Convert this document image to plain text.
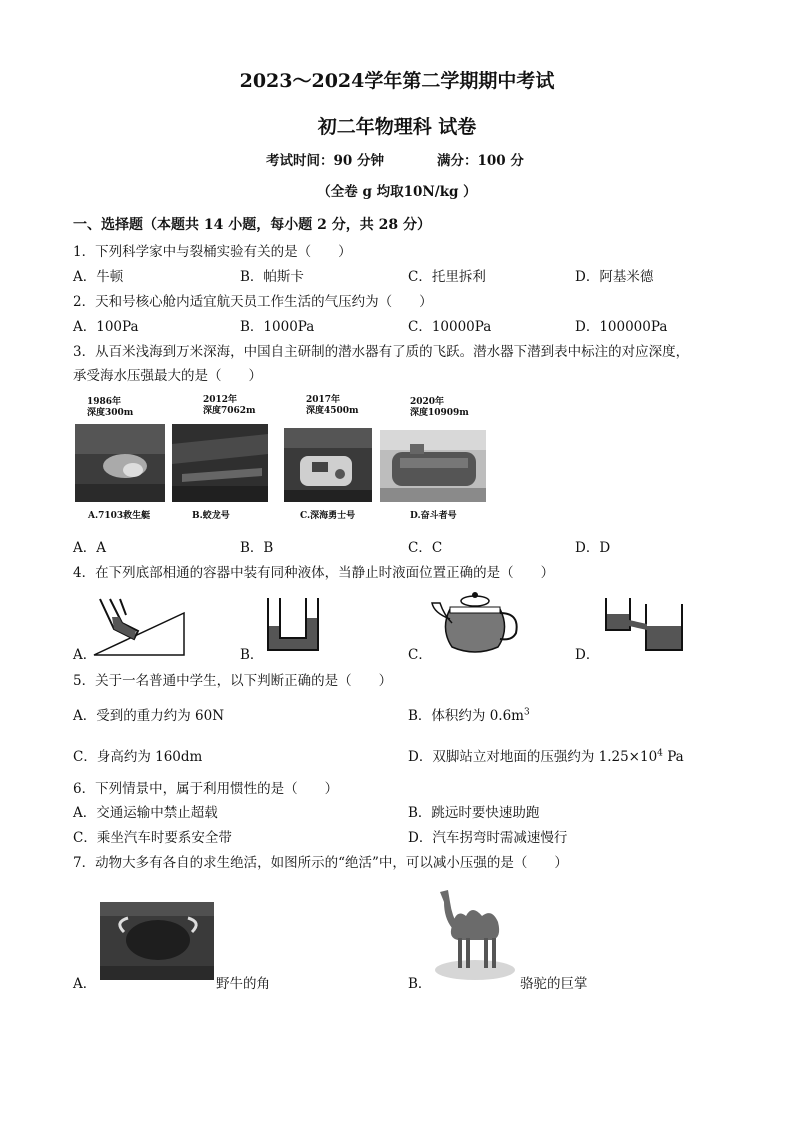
2023～2024学年第二学期期中考试
初二年物理科 试卷
考试时间：90 分钟	满分：100 分
（全卷 g 均取10N/kg ）
一、选择题（本题共 14 小题，每小题 2 分，共 28 分）
1．下列科学家中与裂桶实验有关的是（　　）
A．牛顿	B．帕斯卡	C．托里拆利	D．阿基米德
2．天和号核心舱内适宜航天员工作生活的气压约为（　　）
A．100Pa	B．1000Pa	C．10000Pa	D．100000Pa
3．从百米浅海到万米深海，中国自主研制的潜水器有了质的飞跃。潜水器下潜到表中标注的对应深度，
承受海水压强最大的是（　　）
1986年
深度300m
2012年
深度7062m
2017年
深度4500m
2020年
深度10909m
A.7103救生艇	B.蛟龙号	C.深海勇士号	D.奋斗者号
A．A	B．B	C．C	D．D
4．在下列底部相通的容器中装有同种液体，当静止时液面位置正确的是（　　）
A．	B．	C．	D．
5．关于一名普通中学生，以下判断正确的是（　　）
A．受到的重力约为 60N	B．体积约为 $0.6m^3$
C．身高约为 160dm	D．双脚站立对地面的压强约为 $1.25\times 10^4$ Pa
6．下列情景中，属于利用惯性的是（　　）
A．交通运输中禁止超载	B．跳远时要快速助跑
C．乘坐汽车时要系安全带	D．汽车拐弯时需减速慢行
7．动物大多有各自的求生绝活，如图所示的“绝活”中，可以减小压强的是（　　）
A．	野牛的角	B．	骆驼的巨掌
